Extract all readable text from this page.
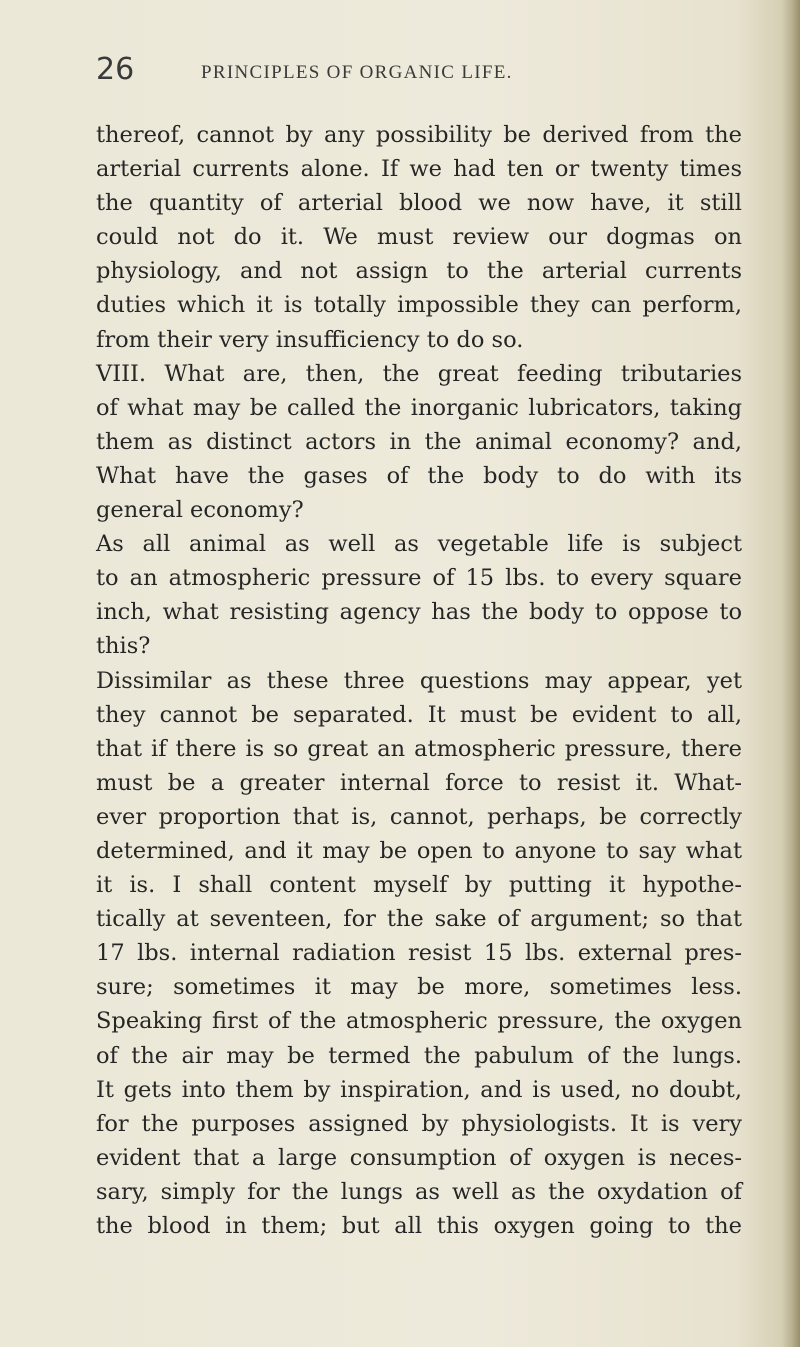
26	PRINCIPLES OF ORGANIC LIFE.
thereof, cannot by any possibility be derived from the
arterial currents alone. If we had ten or twenty times
the quantity of arterial blood we now have, it still
could not do it. We must review our dogmas on
physiology, and not assign to the arterial currents
duties which it is totally impossible they can perform,
from their very insufficiency to do so.
VIII. What are, then, the great feeding tributaries
of what may be called the inorganic lubricators, taking
them as distinct actors in the animal economy? and,
What have the gases of the body to do with its
general economy?
As all animal as well as vegetable life is subject
to an atmospheric pressure of 15 lbs. to every square
inch, what resisting agency has the body to oppose to
this?
Dissimilar as these three questions may appear, yet
they cannot be separated. It must be evident to all,
that if there is so great an atmospheric pressure, there
must be a greater internal force to resist it. What-
ever proportion that is, cannot, perhaps, be correctly
determined, and it may be open to anyone to say what
it is. I shall content myself by putting it hypothe-
tically at seventeen, for the sake of argument; so that
17 lbs. internal radiation resist 15 lbs. external pres-
sure; sometimes it may be more, sometimes less.
Speaking first of the atmospheric pressure, the oxygen
of the air may be termed the pabulum of the lungs.
It gets into them by inspiration, and is used, no doubt,
for the purposes assigned by physiologists. It is very
evident that a large consumption of oxygen is neces-
sary, simply for the lungs as well as the oxydation of
the blood in them; but all this oxygen going to the
